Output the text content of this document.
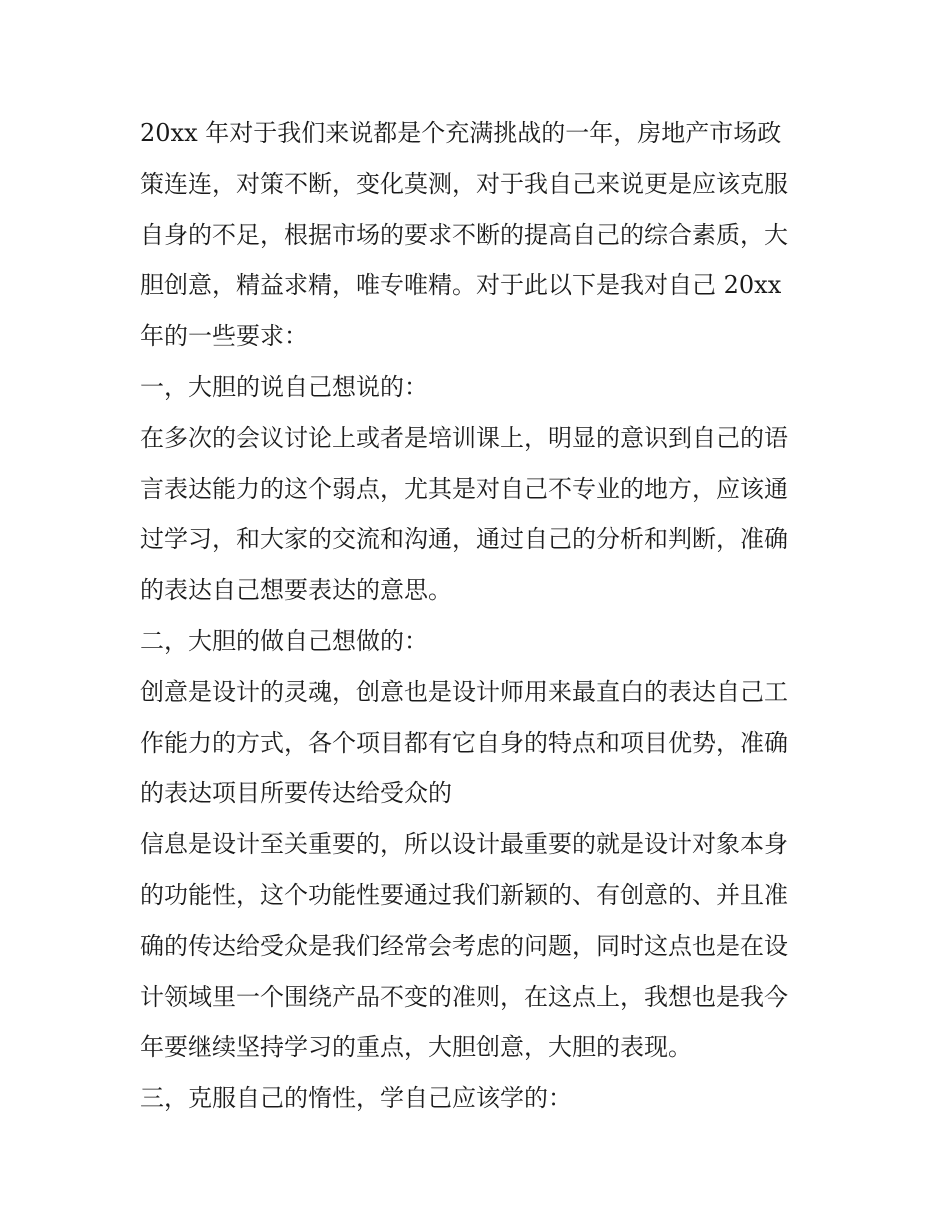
20xx 年对于我们来说都是个充满挑战的一年，房地产市场政
策连连，对策不断，变化莫测，对于我自己来说更是应该克服
自身的不足，根据市场的要求不断的提高自己的综合素质，大
胆创意，精益求精，唯专唯精。对于此以下是我对自己 20xx
年的一些要求：
一，大胆的说自己想说的：
在多次的会议讨论上或者是培训课上，明显的意识到自己的语
言表达能力的这个弱点，尤其是对自己不专业的地方，应该通
过学习，和大家的交流和沟通，通过自己的分析和判断，准确
的表达自己想要表达的意思。
二，大胆的做自己想做的：
创意是设计的灵魂，创意也是设计师用来最直白的表达自己工
作能力的方式，各个项目都有它自身的特点和项目优势，准确
的表达项目所要传达给受众的
信息是设计至关重要的，所以设计最重要的就是设计对象本身
的功能性，这个功能性要通过我们新颖的、有创意的、并且准
确的传达给受众是我们经常会考虑的问题，同时这点也是在设
计领域里一个围绕产品不变的准则，在这点上，我想也是我今
年要继续坚持学习的重点，大胆创意，大胆的表现。
三，克服自己的惰性，学自己应该学的：
